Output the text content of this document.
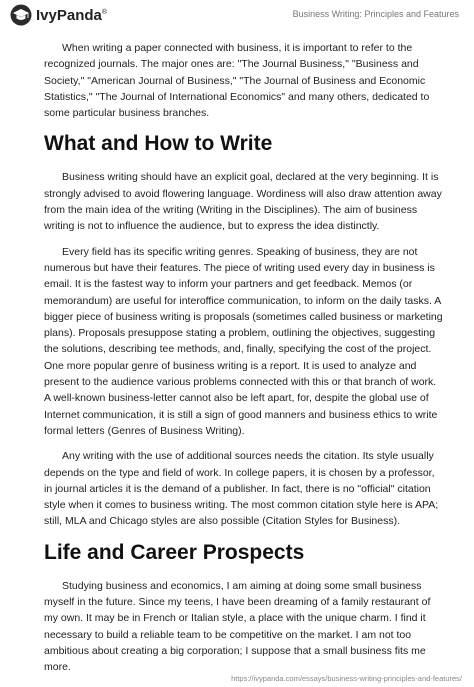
IvyPanda®	Business Writing: Principles and Features

When writing a paper connected with business, it is important to refer to the recognized journals. The major ones are: "The Journal Business," "Business and Society," "American Journal of Business," "The Journal of Business and Economic Statistics," "The Journal of International Economics" and many others, dedicated to some particular business branches.

What and How to Write

Business writing should have an explicit goal, declared at the very beginning. It is strongly advised to avoid flowering language. Wordiness will also draw attention away from the main idea of the writing (Writing in the Disciplines). The aim of business writing is not to influence the audience, but to express the idea distinctly.

Every field has its specific writing genres. Speaking of business, they are not numerous but have their features. The piece of writing used every day in business is email. It is the fastest way to inform your partners and get feedback. Memos (or memorandum) are useful for interoffice communication, to inform on the daily tasks. A bigger piece of business writing is proposals (sometimes called business or marketing plans). Proposals presuppose stating a problem, outlining the objectives, suggesting the solutions, describing tee methods, and, finally, specifying the cost of the project. One more popular genre of business writing is a report. It is used to analyze and present to the audience various problems connected with this or that branch of work. A well-known business-letter cannot also be left apart, for, despite the global use of Internet communication, it is still a sign of good manners and business ethics to write formal letters (Genres of Business Writing).

Any writing with the use of additional sources needs the citation. Its style usually depends on the type and field of work. In college papers, it is chosen by a professor, in journal articles it is the demand of a publisher. In fact, there is no "official" citation style when it comes to business writing. The most common citation style here is APA; still, MLA and Chicago styles are also possible (Citation Styles for Business).

Life and Career Prospects

Studying business and economics, I am aiming at doing some small business myself in the future. Since my teens, I have been dreaming of a family restaurant of my own. It may be in French or Italian style, a place with the unique charm. I find it necessary to build a reliable team to be competitive on the market. I am not too ambitious about creating a big corporation; I suppose that a small business fits me more.

https://ivypanda.com/essays/business-writing-principles-and-features/
